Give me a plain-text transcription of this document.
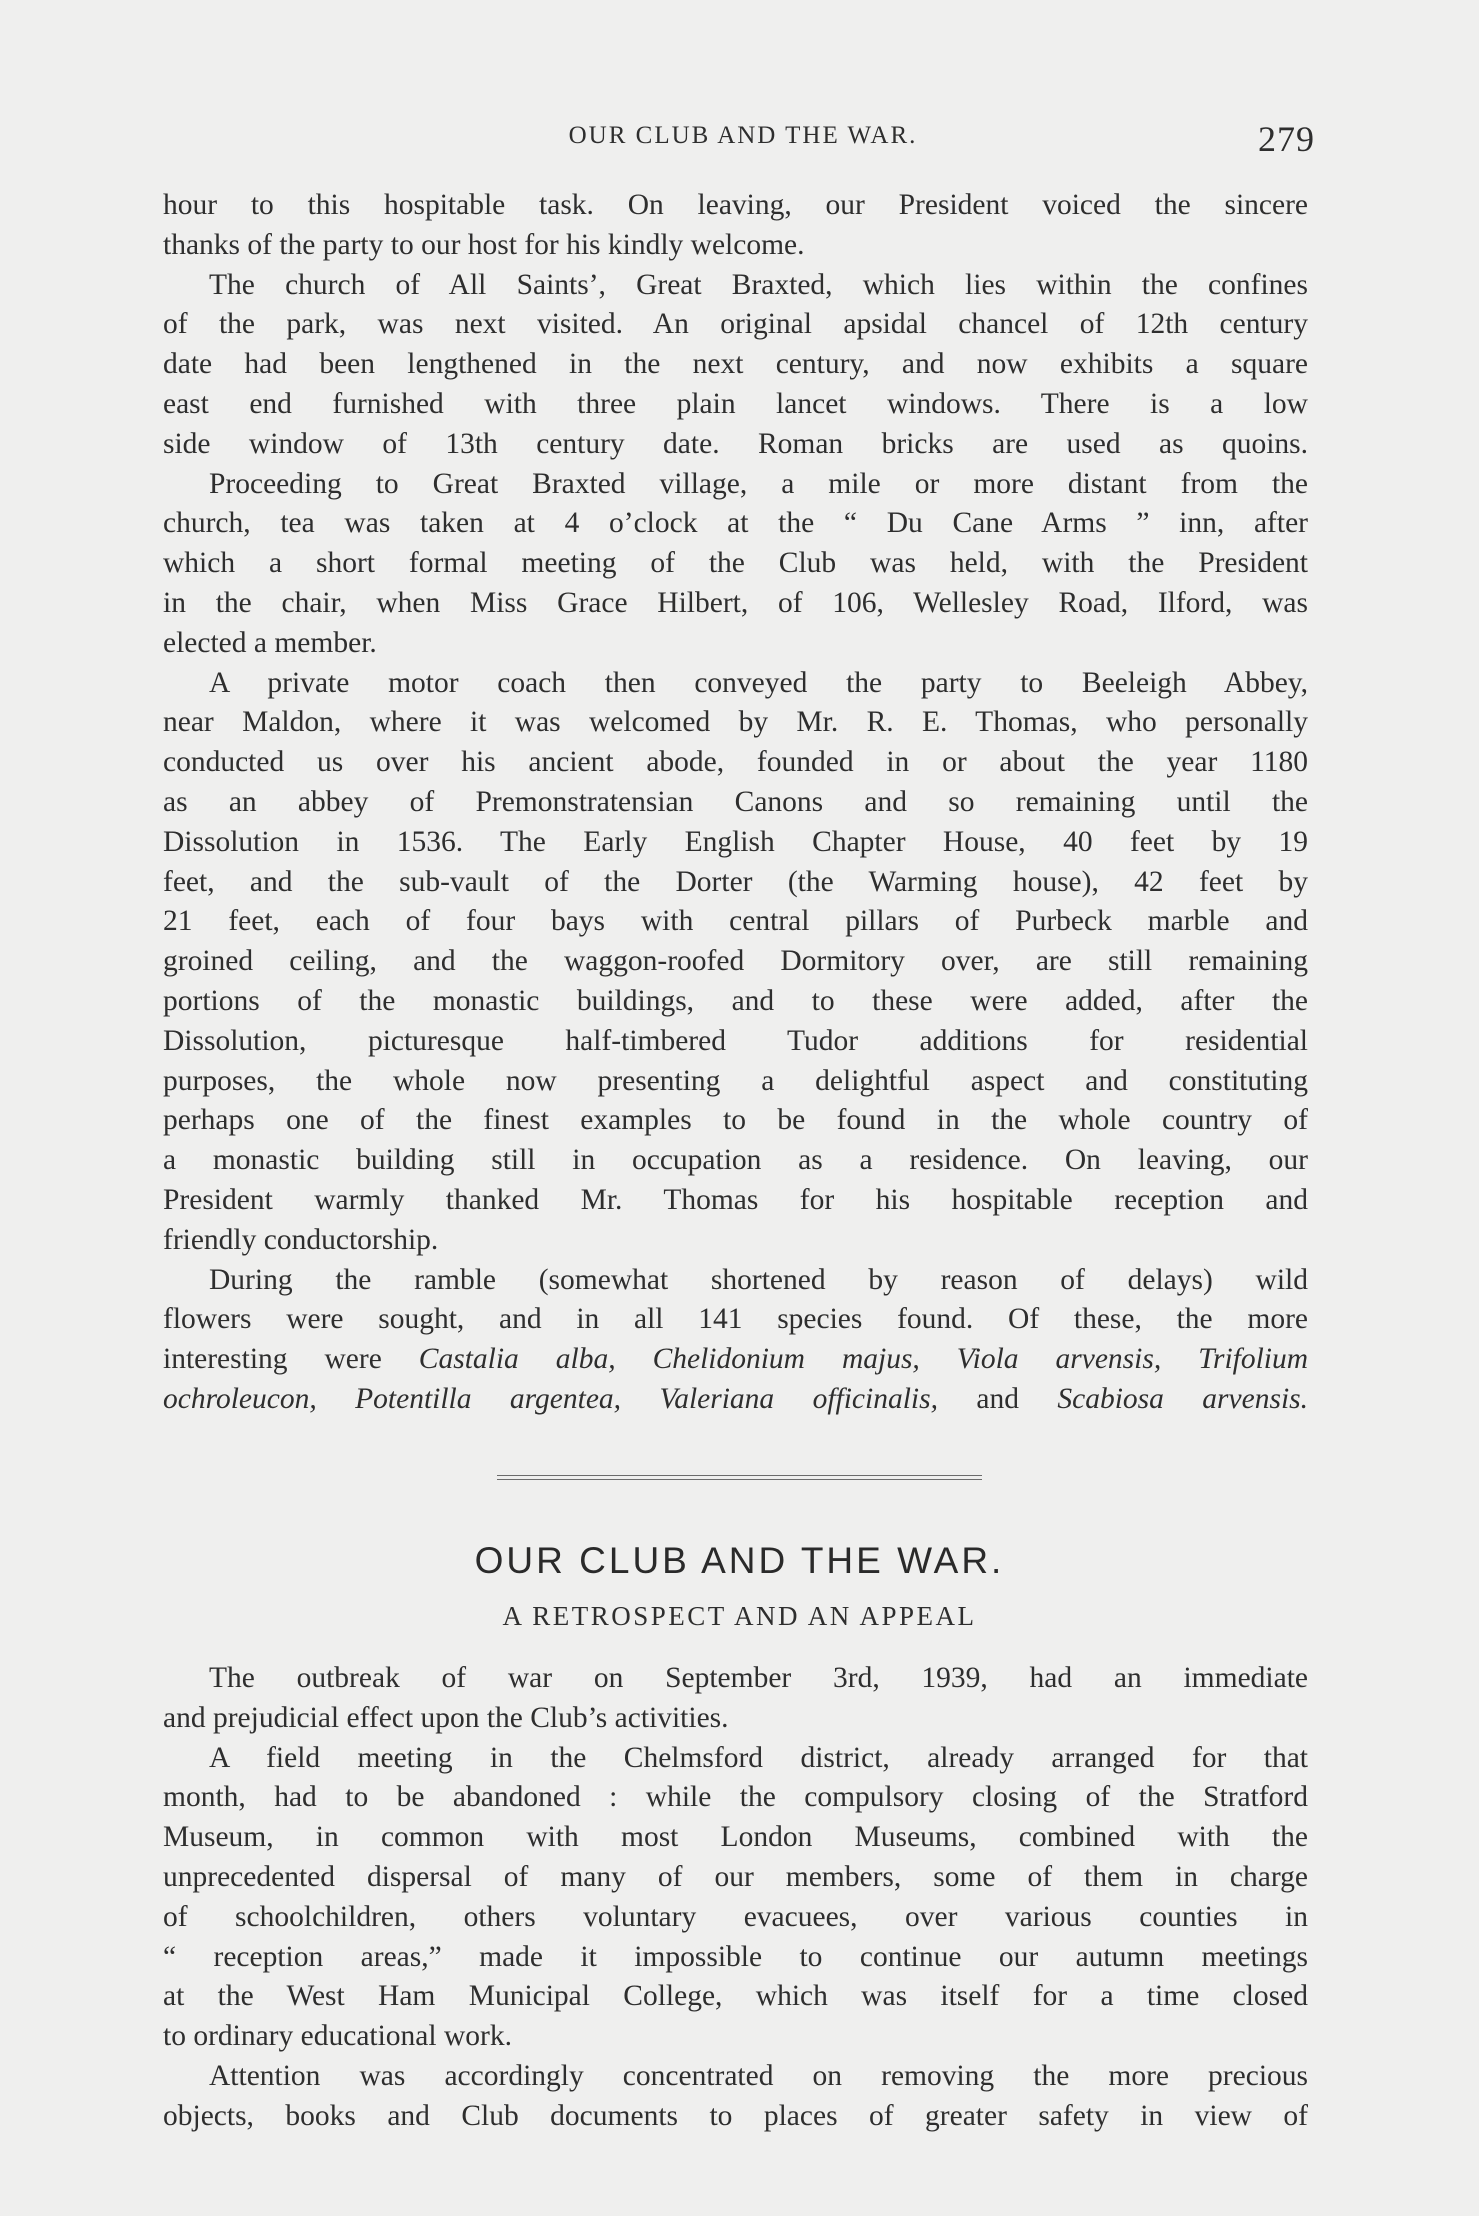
OUR CLUB AND THE WAR.	279
hour to this hospitable task. On leaving, our President voiced the sincere
thanks of the party to our host for his kindly welcome.
The church of All Saints’, Great Braxted, which lies within the confines
of the park, was next visited. An original apsidal chancel of 12th century
date had been lengthened in the next century, and now exhibits a square
east end furnished with three plain lancet windows. There is a low
side window of 13th century date. Roman bricks are used as quoins.
Proceeding to Great Braxted village, a mile or more distant from the
church, tea was taken at 4 o’clock at the “ Du Cane Arms ” inn, after
which a short formal meeting of the Club was held, with the President
in the chair, when Miss Grace Hilbert, of 106, Wellesley Road, Ilford, was
elected a member.
A private motor coach then conveyed the party to Beeleigh Abbey,
near Maldon, where it was welcomed by Mr. R. E. Thomas, who personally
conducted us over his ancient abode, founded in or about the year 1180
as an abbey of Premonstratensian Canons and so remaining until the
Dissolution in 1536. The Early English Chapter House, 40 feet by 19
feet, and the sub-vault of the Dorter (the Warming house), 42 feet by
21 feet, each of four bays with central pillars of Purbeck marble and
groined ceiling, and the waggon-roofed Dormitory over, are still remaining
portions of the monastic buildings, and to these were added, after the
Dissolution, picturesque half-timbered Tudor additions for residential
purposes, the whole now presenting a delightful aspect and constituting
perhaps one of the finest examples to be found in the whole country of
a monastic building still in occupation as a residence. On leaving, our
President warmly thanked Mr. Thomas for his hospitable reception and
friendly conductorship.
During the ramble (somewhat shortened by reason of delays) wild
flowers were sought, and in all 141 species found. Of these, the more
interesting were Castalia alba, Chelidonium majus, Viola arvensis, Trifolium
ochroleucon, Potentilla argentea, Valeriana officinalis, and Scabiosa arvensis.
OUR CLUB AND THE WAR.
A RETROSPECT AND AN APPEAL
The outbreak of war on September 3rd, 1939, had an immediate
and prejudicial effect upon the Club’s activities.
A field meeting in the Chelmsford district, already arranged for that
month, had to be abandoned : while the compulsory closing of the Stratford
Museum, in common with most London Museums, combined with the
unprecedented dispersal of many of our members, some of them in charge
of schoolchildren, others voluntary evacuees, over various counties in
“ reception areas,” made it impossible to continue our autumn meetings
at the West Ham Municipal College, which was itself for a time closed
to ordinary educational work.
Attention was accordingly concentrated on removing the more precious
objects, books and Club documents to places of greater safety in view of
